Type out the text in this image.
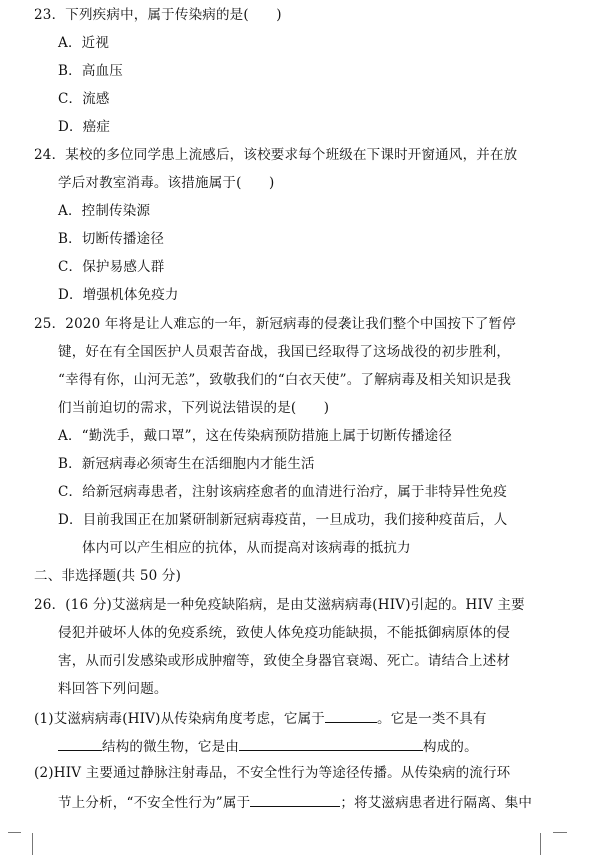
23．下列疾病中，属于传染病的是(　　)
A．近视
B．高血压
C．流感
D．癌症
24．某校的多位同学患上流感后，该校要求每个班级在下课时开窗通风，并在放
学后对教室消毒。该措施属于(　　)
A．控制传染源
B．切断传播途径
C．保护易感人群
D．增强机体免疫力
25．2020 年将是让人难忘的一年，新冠病毒的侵袭让我们整个中国按下了暂停
键，好在有全国医护人员艰苦奋战，我国已经取得了这场战役的初步胜利，
“幸得有你，山河无恙”，致敬我们的“白衣天使”。了解病毒及相关知识是我
们当前迫切的需求，下列说法错误的是(　　)
A．“勤洗手，戴口罩”，这在传染病预防措施上属于切断传播途径
B．新冠病毒必须寄生在活细胞内才能生活
C．给新冠病毒患者，注射该病痊愈者的血清进行治疗，属于非特异性免疫
D．目前我国正在加紧研制新冠病毒疫苗，一旦成功，我们接种疫苗后，人
体内可以产生相应的抗体，从而提高对该病毒的抵抗力
二、非选择题(共 50 分)
26．(16 分)艾滋病是一种免疫缺陷病，是由艾滋病病毒(HIV)引起的。HIV 主要
侵犯并破坏人体的免疫系统，致使人体免疫功能缺损，不能抵御病原体的侵
害，从而引发感染或形成肿瘤等，致使全身器官衰竭、死亡。请结合上述材
料回答下列问题。
(1)艾滋病病毒(HIV)从传染病角度考虑，它属于	。它是一类不具有
结构的微生物，它是由	构成的。
(2)HIV 主要通过静脉注射毒品，不安全性行为等途径传播。从传染病的流行环
节上分析，“不安全性行为”属于	；将艾滋病患者进行隔离、集中
